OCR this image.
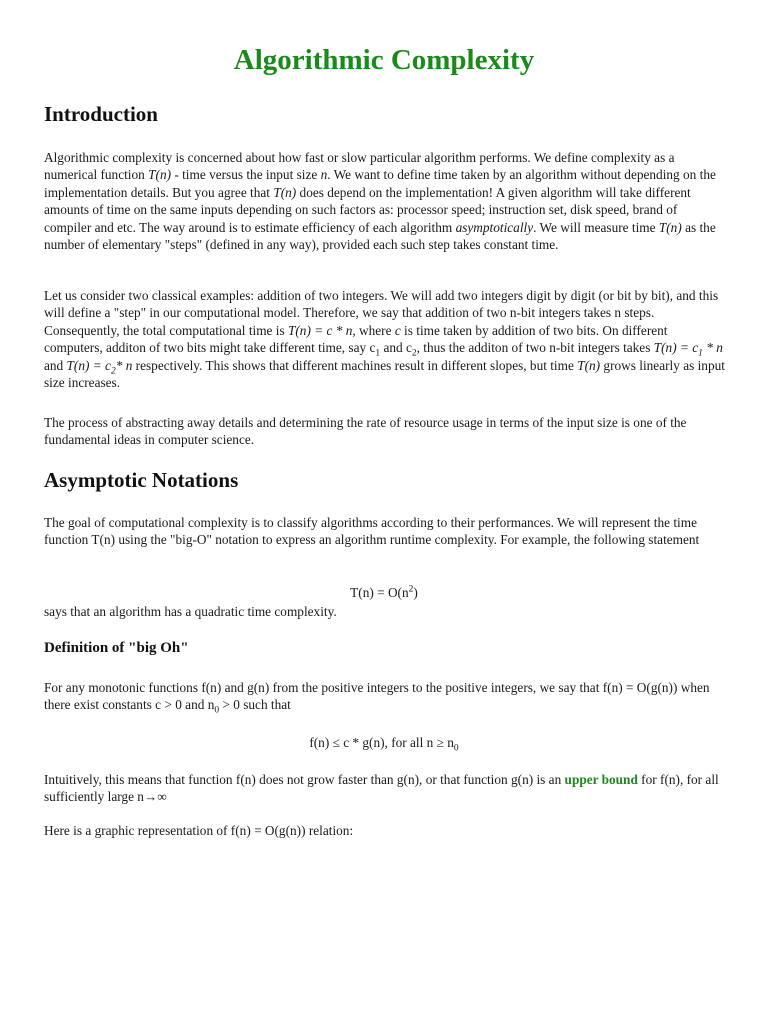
Algorithmic Complexity
Introduction

Algorithmic complexity is concerned about how fast or slow particular algorithm performs. We define complexity as a numerical function T(n) - time versus the input size n. We want to define time taken by an algorithm without depending on the implementation details. But you agree that T(n) does depend on the implementation! A given algorithm will take different amounts of time on the same inputs depending on such factors as: processor speed; instruction set, disk speed, brand of compiler and etc. The way around is to estimate efficiency of each algorithm asymptotically. We will measure time T(n) as the number of elementary "steps" (defined in any way), provided each such step takes constant time.

Let us consider two classical examples: addition of two integers. We will add two integers digit by digit (or bit by bit), and this will define a "step" in our computational model. Therefore, we say that addition of two n-bit integers takes n steps. Consequently, the total computational time is T(n) = c * n, where c is time taken by addition of two bits. On different computers, additon of two bits might take different time, say $c_1$ and $c_2$, thus the additon of two n-bit integers takes $T(n) = c_1 * n$ and $T(n) = c_2*$ n respectively. This shows that different machines result in different slopes, but time T(n) grows linearly as input size increases.

The process of abstracting away details and determining the rate of resource usage in terms of the input size is one of the fundamental ideas in computer science.

Asymptotic Notations

The goal of computational complexity is to classify algorithms according to their performances. We will represent the time function T(n) using the "big-O" notation to express an algorithm runtime complexity. For example, the following statement

$T(n) = O(n^2)$

says that an algorithm has a quadratic time complexity.

Definition of "big Oh"

For any monotonic functions f(n) and g(n) from the positive integers to the positive integers, we say that f(n) = O(g(n)) when there exist constants c > 0 and $n_0 > 0$ such that

f(n) ≤ c * g(n), for all $n \ge n_0$

Intuitively, this means that function f(n) does not grow faster than g(n), or that function g(n) is an upper bound for f(n), for all sufficiently large n→∞

Here is a graphic representation of f(n) = O(g(n)) relation:
